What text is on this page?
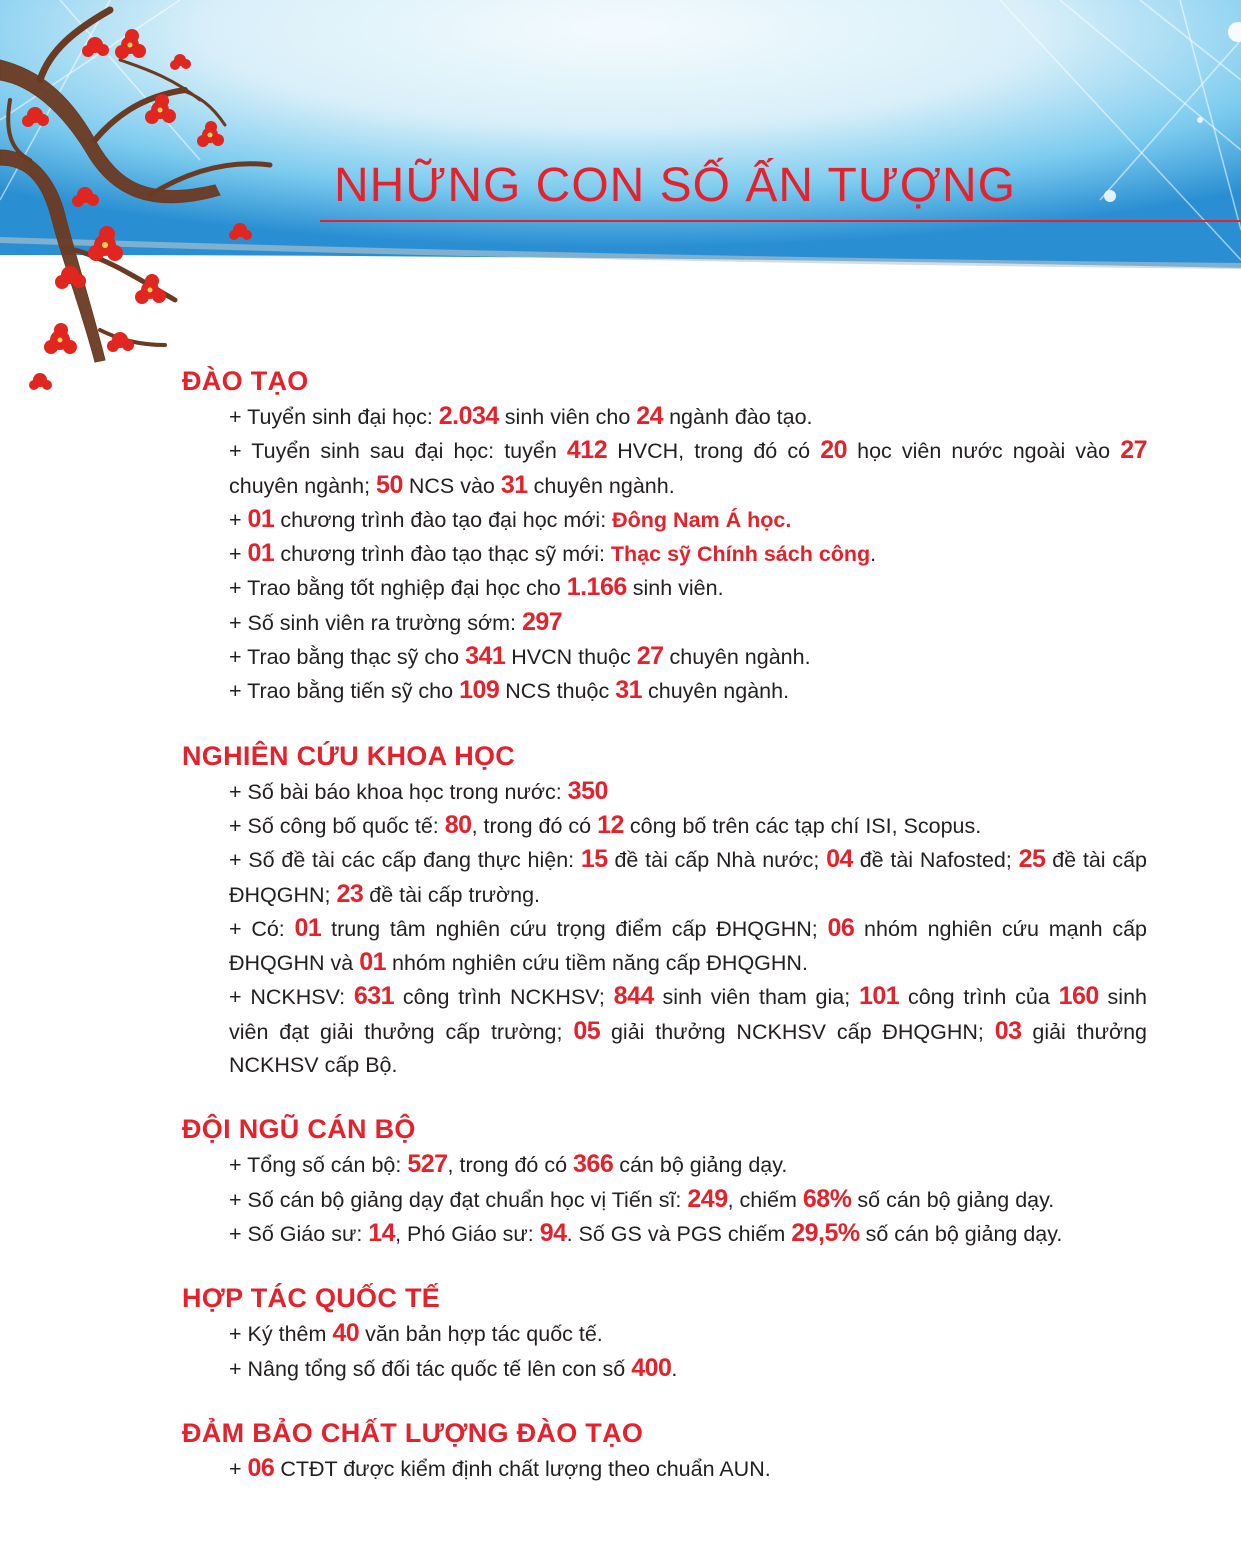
NHỮNG CON SỐ ẤN TƯỢNG
ĐÀO TẠO
+ Tuyển sinh đại học: 2.034 sinh viên cho 24 ngành đào tạo.
+ Tuyển sinh sau đại học: tuyển 412 HVCH, trong đó có 20 học viên nước ngoài vào 27 chuyên ngành; 50 NCS vào 31 chuyên ngành.
+ 01 chương trình đào tạo đại học mới: Đông Nam Á học.
+ 01 chương trình đào tạo thạc sỹ mới: Thạc sỹ Chính sách công.
+ Trao bằng tốt nghiệp đại học cho 1.166 sinh viên.
+ Số sinh viên ra trường sớm: 297
+ Trao bằng thạc sỹ cho 341 HVCN thuộc 27 chuyên ngành.
+ Trao bằng tiến sỹ cho 109 NCS thuộc 31 chuyên ngành.
NGHIÊN CỨU KHOA HỌC
+ Số bài báo khoa học trong nước: 350
+ Số công bố quốc tế: 80, trong đó có 12 công bố trên các tạp chí ISI, Scopus.
+ Số đề tài các cấp đang thực hiện: 15 đề tài cấp Nhà nước; 04 đề tài Nafosted; 25 đề tài cấp ĐHQGHN; 23 đề tài cấp trường.
+ Có: 01 trung tâm nghiên cứu trọng điểm cấp ĐHQGHN; 06 nhóm nghiên cứu mạnh cấp ĐHQGHN và 01 nhóm nghiên cứu tiềm năng cấp ĐHQGHN.
+ NCKHSV: 631 công trình NCKHSV; 844 sinh viên tham gia; 101 công trình của 160 sinh viên đạt giải thưởng cấp trường; 05 giải thưởng NCKHSV cấp ĐHQGHN; 03 giải thưởng NCKHSV cấp Bộ.
ĐỘI NGŨ CÁN BỘ
+ Tổng số cán bộ: 527, trong đó có 366 cán bộ giảng dạy.
+ Số cán bộ giảng dạy đạt chuẩn học vị Tiến sĩ: 249, chiếm 68% số cán bộ giảng dạy.
+ Số Giáo sư: 14, Phó Giáo sư: 94. Số GS và PGS chiếm 29,5% số cán bộ giảng dạy.
HỢP TÁC QUỐC TẾ
+ Ký thêm 40 văn bản hợp tác quốc tế.
+ Nâng tổng số đối tác quốc tế lên con số 400.
ĐẢM BẢO CHẤT LƯỢNG ĐÀO TẠO
+ 06 CTĐT được kiểm định chất lượng theo chuẩn AUN.
